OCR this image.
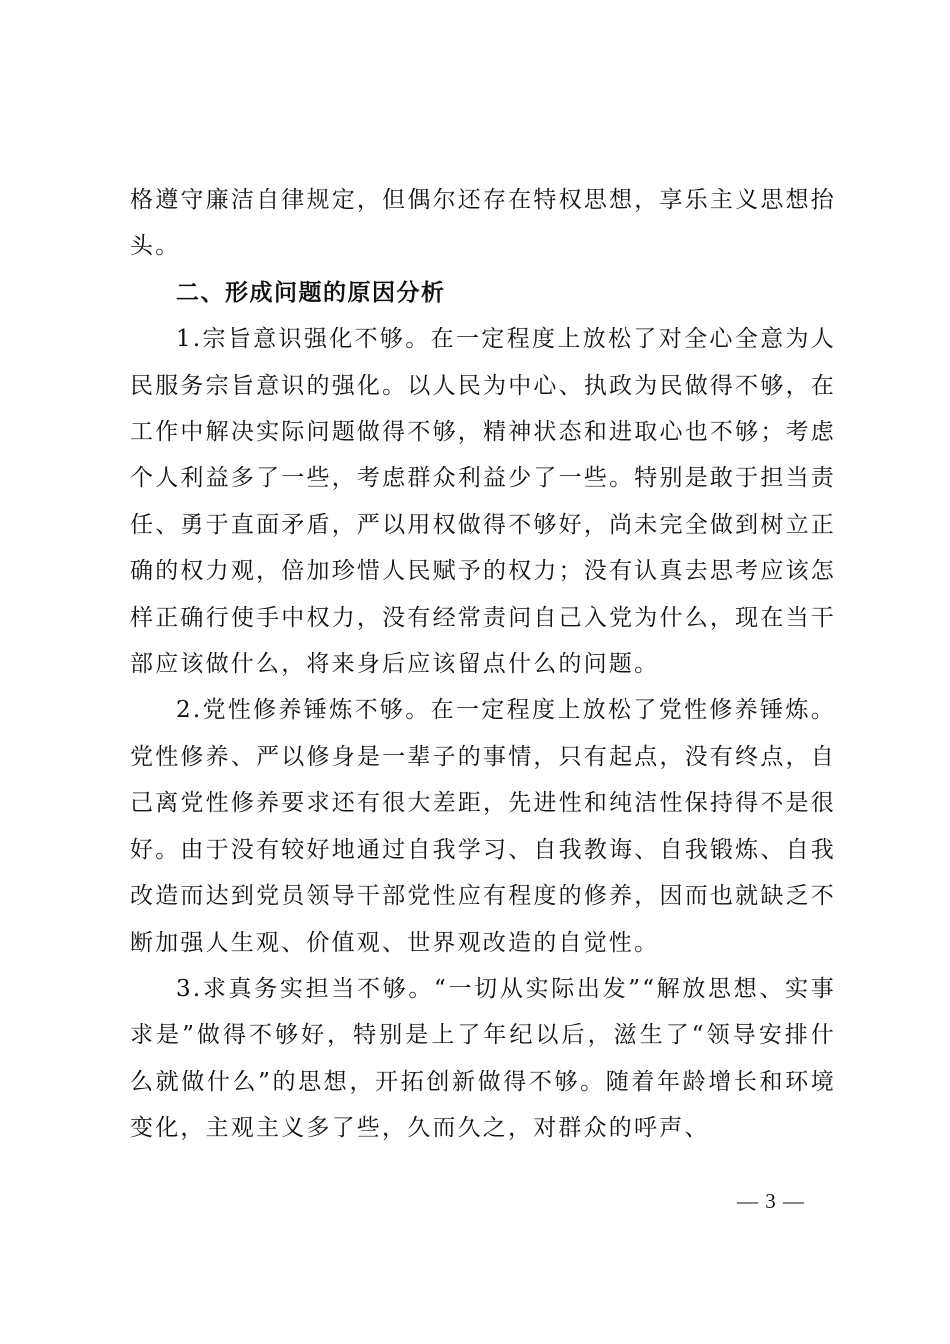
格遵守廉洁自律规定，但偶尔还存在特权思想，享乐主义思想抬头。

二、形成问题的原因分析

1.宗旨意识强化不够。在一定程度上放松了对全心全意为人民服务宗旨意识的强化。以人民为中心、执政为民做得不够，在工作中解决实际问题做得不够，精神状态和进取心也不够；考虑个人利益多了一些，考虑群众利益少了一些。特别是敢于担当责任、勇于直面矛盾，严以用权做得不够好，尚未完全做到树立正确的权力观，倍加珍惜人民赋予的权力；没有认真去思考应该怎样正确行使手中权力，没有经常责问自己入党为什么，现在当干部应该做什么，将来身后应该留点什么的问题。

2.党性修养锤炼不够。在一定程度上放松了党性修养锤炼。党性修养、严以修身是一辈子的事情，只有起点，没有终点，自己离党性修养要求还有很大差距，先进性和纯洁性保持得不是很好。由于没有较好地通过自我学习、自我教诲、自我锻炼、自我改造而达到党员领导干部党性应有程度的修养，因而也就缺乏不断加强人生观、价值观、世界观改造的自觉性。

3.求真务实担当不够。“一切从实际出发”“解放思想、实事求是”做得不够好，特别是上了年纪以后，滋生了“领导安排什么就做什么”的思想，开拓创新做得不够。随着年龄增长和环境变化，主观主义多了些，久而久之，对群众的呼声、

— 3 —
